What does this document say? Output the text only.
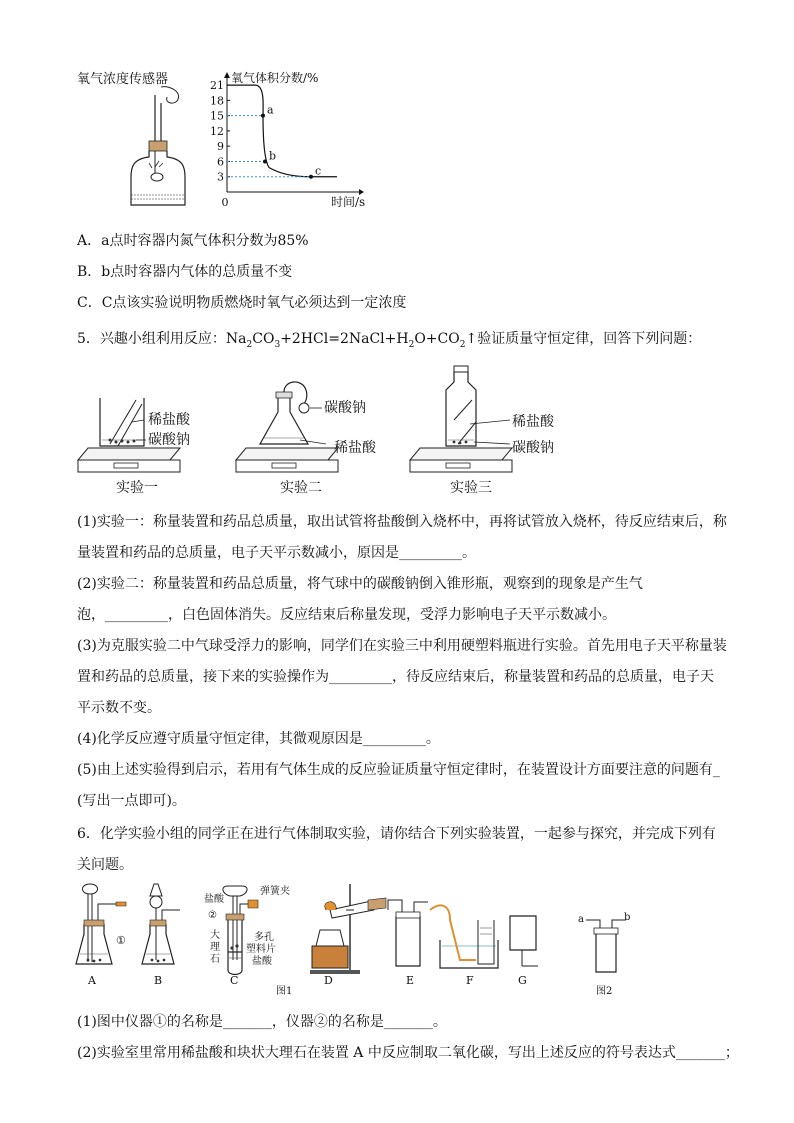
氧气浓度传感器
3
6
9
12
15
18
21
0
氧气体积分数/%
时间/s
a
b
c
A．a点时容器内氮气体积分数为85%
B．b点时容器内气体的总质量不变
C．C点该实验说明物质燃烧时氧气必须达到一定浓度
5．兴趣小组利用反应：$Na_2CO_3+2HCl=2NaCl+H_2O+CO_2↑$验证质量守恒定律，回答下列问题：
稀盐酸
碳酸钠
实验一
碳酸钠
稀盐酸
实验二
稀盐酸
碳酸钠
实验三
(1)实验一：称量装置和药品总质量，取出试管将盐酸倒入烧杯中，再将试管放入烧杯，待反应结束后，称
量装置和药品的总质量，电子天平示数减小，原因是_________。
(2)实验二：称量装置和药品总质量，将气球中的碳酸钠倒入锥形瓶，观察到的现象是产生气
泡，_________，白色固体消失。反应结束后称量发现，受浮力影响电子天平示数减小。
(3)为克服实验二中气球受浮力的影响，同学们在实验三中利用硬塑料瓶进行实验。首先用电子天平称量装
置和药品的总质量，接下来的实验操作为_________，待反应结束后，称量装置和药品的总质量，电子天
平示数不变。
(4)化学反应遵守质量守恒定律，其微观原因是_________。
(5)由上述实验得到启示，若用有气体生成的反应验证质量守恒定律时，在装置设计方面要注意的问题有_
(写出一点即可)。
6．化学实验小组的同学正在进行气体制取实验，请你结合下列实验装置，一起参与探究，并完成下列有
关问题。
①
A	B
盐酸
弹簧夹
②
大
理
石
多孔
塑料片
盐酸
C	D	E	F	G
a	b
图1	图2
(1)图中仪器①的名称是_______，仪器②的名称是_______。
(2)实验室里常用稀盐酸和块状大理石在装置 A 中反应制取二氧化碳，写出上述反应的符号表达式_______；
